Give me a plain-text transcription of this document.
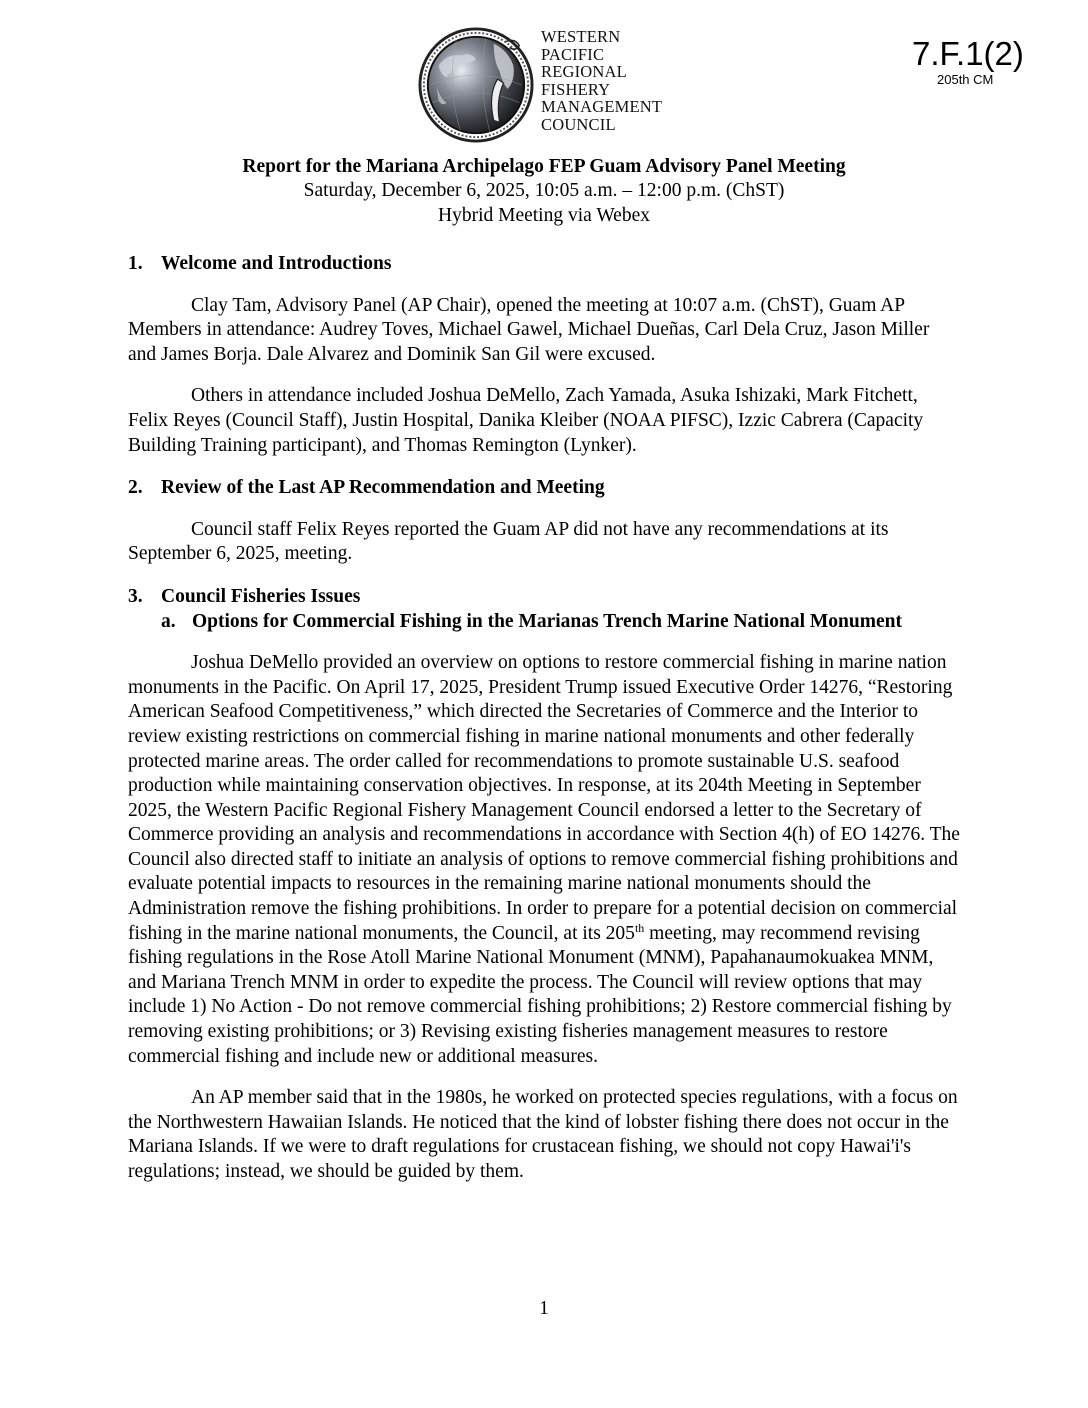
WESTERN
PACIFIC
REGIONAL
FISHERY
MANAGEMENT
COUNCIL
7.F.1(2)
205th CM
Report for the Mariana Archipelago FEP Guam Advisory Panel Meeting
Saturday, December 6, 2025, 10:05 a.m. – 12:00 p.m. (ChST)
Hybrid Meeting via Webex
1. Welcome and Introductions

Clay Tam, Advisory Panel (AP Chair), opened the meeting at 10:07 a.m. (ChST), Guam AP Members in attendance: Audrey Toves, Michael Gawel, Michael Dueñas, Carl Dela Cruz, Jason Miller and James Borja. Dale Alvarez and Dominik San Gil were excused.

Others in attendance included Joshua DeMello, Zach Yamada, Asuka Ishizaki, Mark Fitchett, Felix Reyes (Council Staff), Justin Hospital, Danika Kleiber (NOAA PIFSC), Izzic Cabrera (Capacity Building Training participant), and Thomas Remington (Lynker).

2. Review of the Last AP Recommendation and Meeting

Council staff Felix Reyes reported the Guam AP did not have any recommendations at its September 6, 2025, meeting.

3. Council Fisheries Issues
a. Options for Commercial Fishing in the Marianas Trench Marine National Monument

Joshua DeMello provided an overview on options to restore commercial fishing in marine nation monuments in the Pacific. On April 17, 2025, President Trump issued Executive Order 14276, “Restoring American Seafood Competitiveness,” which directed the Secretaries of Commerce and the Interior to review existing restrictions on commercial fishing in marine national monuments and other federally protected marine areas. The order called for recommendations to promote sustainable U.S. seafood production while maintaining conservation objectives. In response, at its 204th Meeting in September 2025, the Western Pacific Regional Fishery Management Council endorsed a letter to the Secretary of Commerce providing an analysis and recommendations in accordance with Section 4(h) of EO 14276. The Council also directed staff to initiate an analysis of options to remove commercial fishing prohibitions and evaluate potential impacts to resources in the remaining marine national monuments should the Administration remove the fishing prohibitions. In order to prepare for a potential decision on commercial fishing in the marine national monuments, the Council, at its 205th meeting, may recommend revising fishing regulations in the Rose Atoll Marine National Monument (MNM), Papahanaumokuakea MNM, and Mariana Trench MNM in order to expedite the process. The Council will review options that may include 1) No Action - Do not remove commercial fishing prohibitions; 2) Restore commercial fishing by removing existing prohibitions; or 3) Revising existing fisheries management measures to restore commercial fishing and include new or additional measures.

An AP member said that in the 1980s, he worked on protected species regulations, with a focus on the Northwestern Hawaiian Islands. He noticed that the kind of lobster fishing there does not occur in the Mariana Islands. If we were to draft regulations for crustacean fishing, we should not copy Hawai'i's regulations; instead, we should be guided by them.

1
